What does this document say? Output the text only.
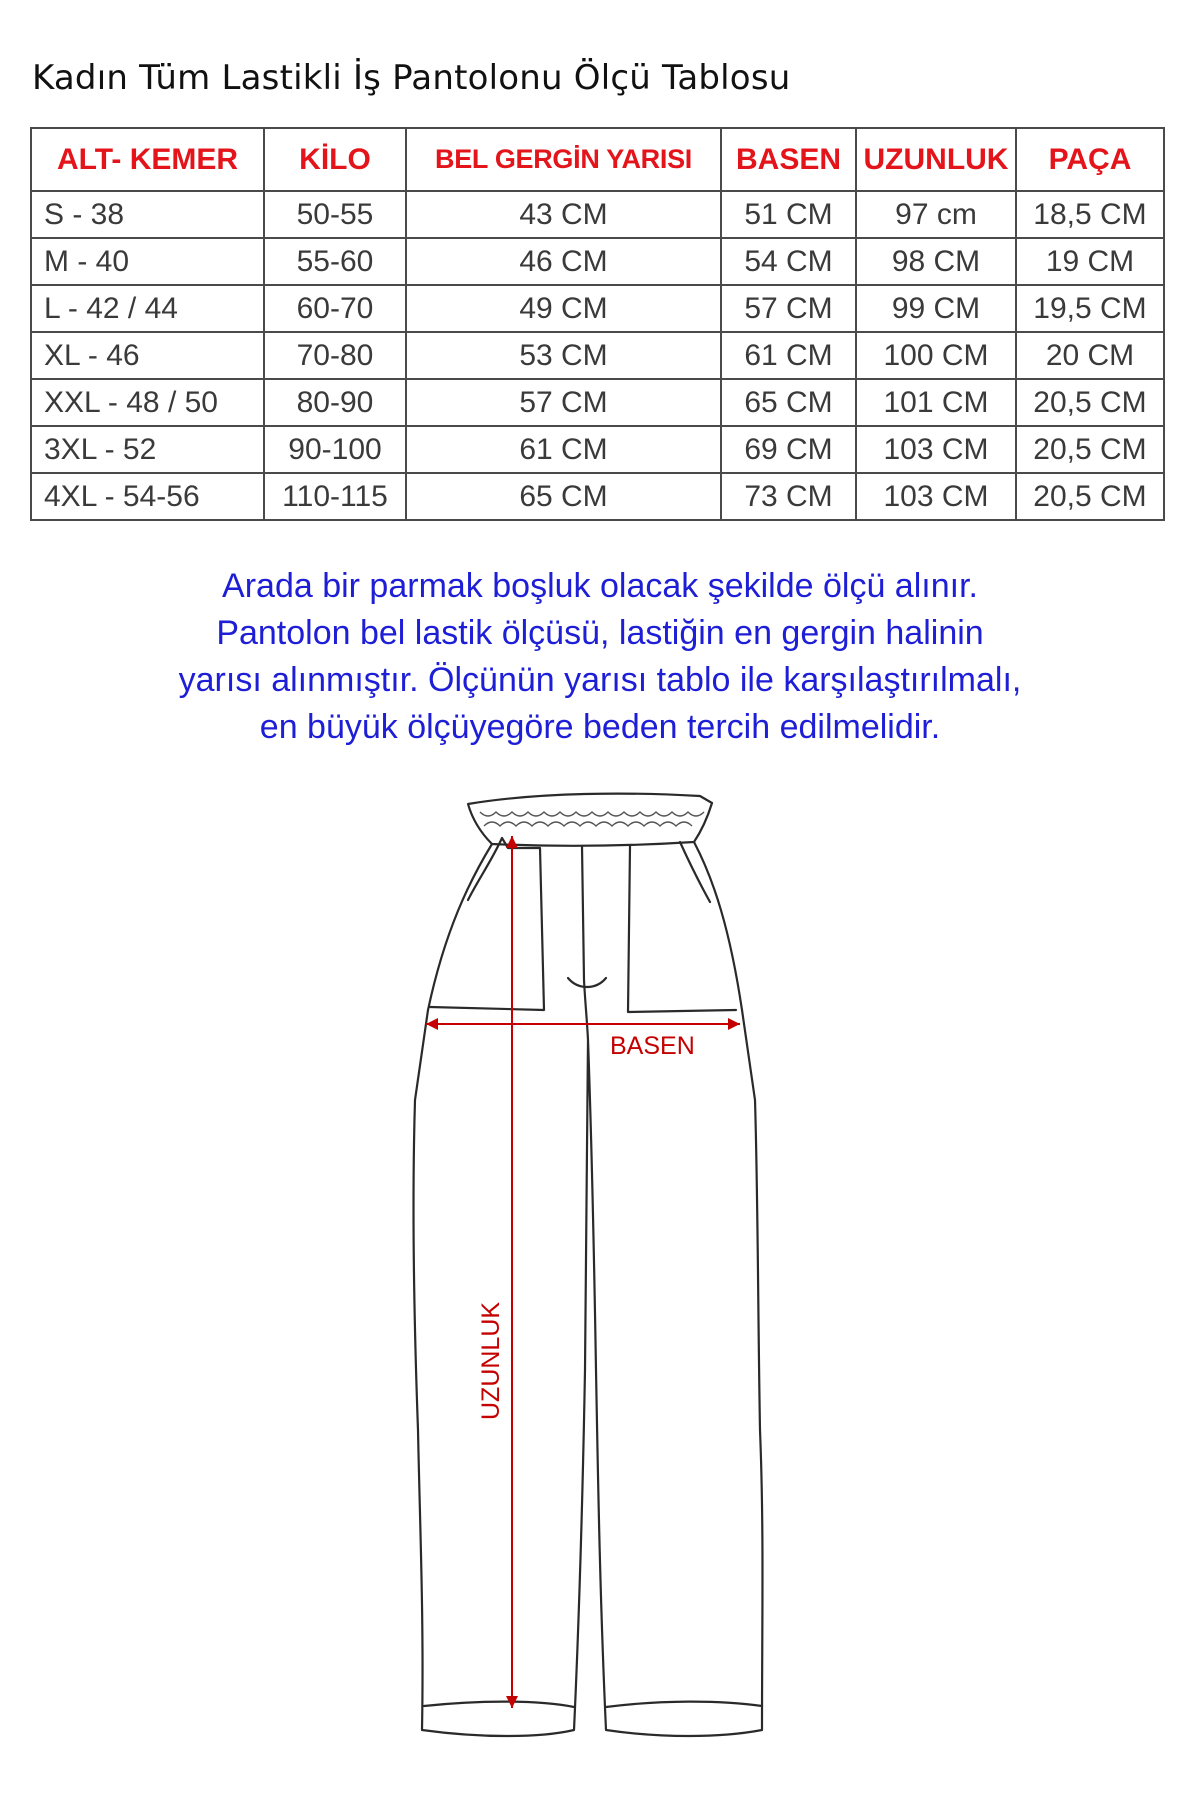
Kadın Tüm Lastikli İş Pantolonu Ölçü Tablosu
ALT- KEMER	KİLO	BEL GERGİN YARISI	BASEN	UZUNLUK	PAÇA
S - 38	50-55	43 CM	51 CM	97 cm	18,5 CM
M - 40	55-60	46 CM	54 CM	98 CM	19 CM
L - 42 / 44	60-70	49 CM	57 CM	99 CM	19,5 CM
XL - 46	70-80	53 CM	61 CM	100 CM	20 CM
XXL - 48 / 50	80-90	57 CM	65 CM	101 CM	20,5 CM
3XL - 52	90-100	61 CM	69 CM	103 CM	20,5 CM
4XL - 54-56	110-115	65 CM	73 CM	103 CM	20,5 CM
Arada bir parmak boşluk olacak şekilde ölçü alınır.
Pantolon bel lastik ölçüsü, lastiğin en gergin halinin
yarısı alınmıştır. Ölçünün yarısı tablo ile karşılaştırılmalı,
en büyük ölçüyegöre beden tercih edilmelidir.
BASEN
UZUNLUK
